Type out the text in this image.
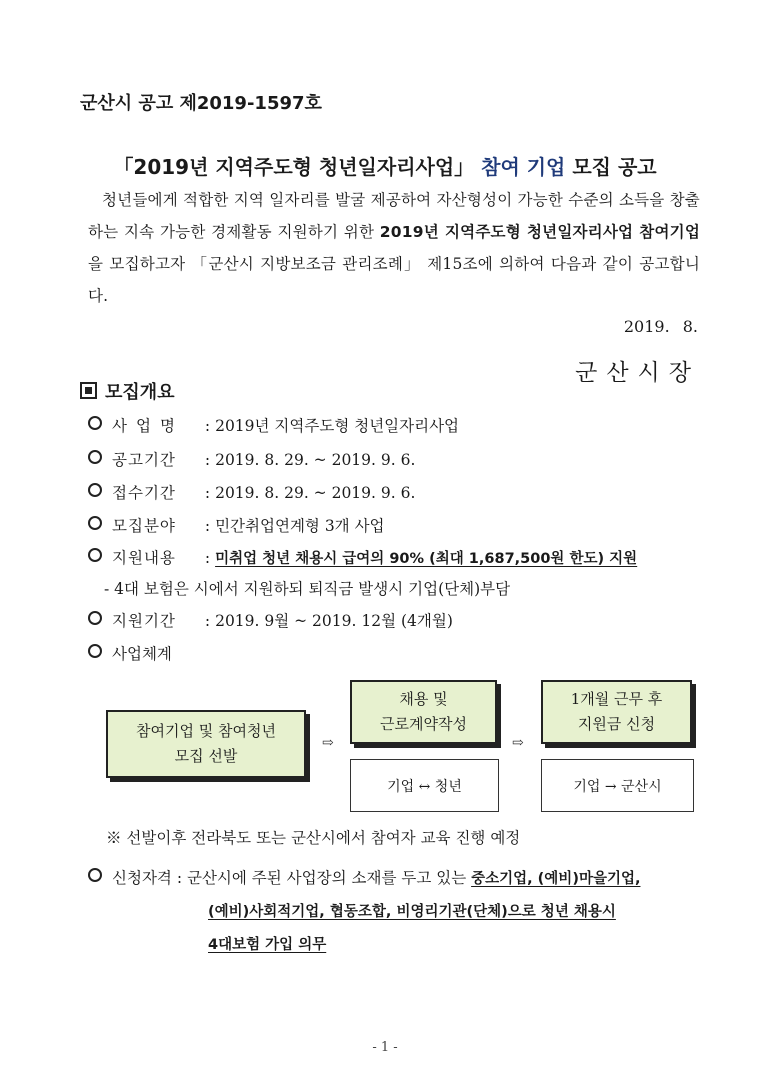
군산시 공고 제2019-1597호
「2019년 지역주도형 청년일자리사업」 참여 기업 모집 공고
청년들에게 적합한 지역 일자리를 발굴 제공하여 자산형성이 가능한 수준의 소득을 창출하는 지속 가능한 경제활동 지원하기 위한 2019년 지역주도형 청년일자리사업 참여기업을 모집하고자 「군산시 지방보조금 관리조례」 제15조에 의하여 다음과 같이 공고합니다.
2019. 8.
군산시장
모집개요
사업명 : 2019년 지역주도형 청년일자리사업
공고기간 : 2019. 8. 29. ~ 2019. 9. 6.
접수기간 : 2019. 8. 29. ~ 2019. 9. 6.
모집분야 : 민간취업연계형 3개 사업
지원내용 : 미취업 청년 채용시 급여의 90% (최대 1,687,500원 한도) 지원
- 4대 보험은 시에서 지원하되 퇴직금 발생시 기업(단체)부담
지원기간 : 2019. 9월 ~ 2019. 12월 (4개월)
사업체계
참여기업 및 참여청년
모집 선발
⇨
채용 및
근로계약작성
기업 ↔ 청년
⇨
1개월 근무 후
지원금 신청
기업 → 군산시
※ 선발이후 전라북도 또는 군산시에서 참여자 교육 진행 예정
신청자격 : 군산시에 주된 사업장의 소재를 두고 있는 중소기업, (예비)마을기업,
(예비)사회적기업, 협동조합, 비영리기관(단체)으로 청년 채용시
4대보험 가입 의무
- 1 -
